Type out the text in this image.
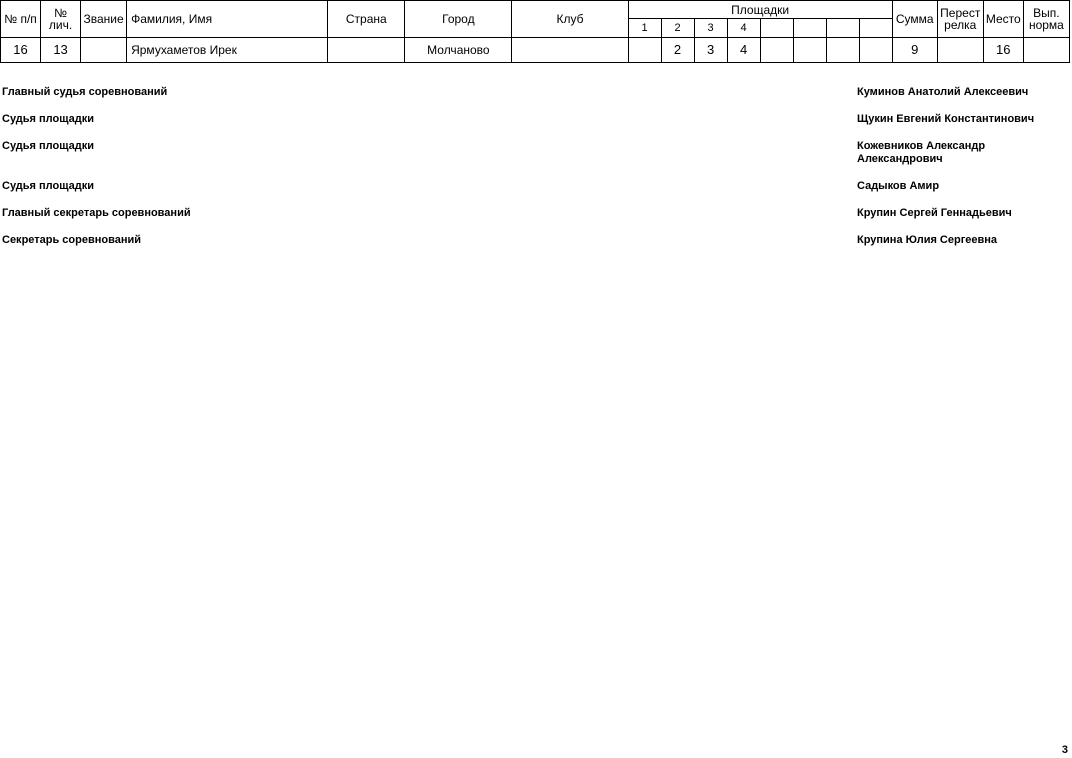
№ п/п	№ лич.	Звание	Фамилия, Имя	Страна	Город	Клуб	Площадки								Сумма	Перест релка	Место	Вып. норма
							1	2	3	4								
16	13		Ярмухаметов Ирек		Молчаново			2	3	4					9		16	
Главный судья соревнований	Куминов Анатолий Алексеевич
Судья площадки	Щукин Евгений Константинович
Судья площадки	Кожевников Александр Александрович
Судья площадки	Садыков Амир
Главный секретарь соревнований	Крупин Сергей Геннадьевич
Секретарь соревнований	Крупина Юлия Сергеевна
3
